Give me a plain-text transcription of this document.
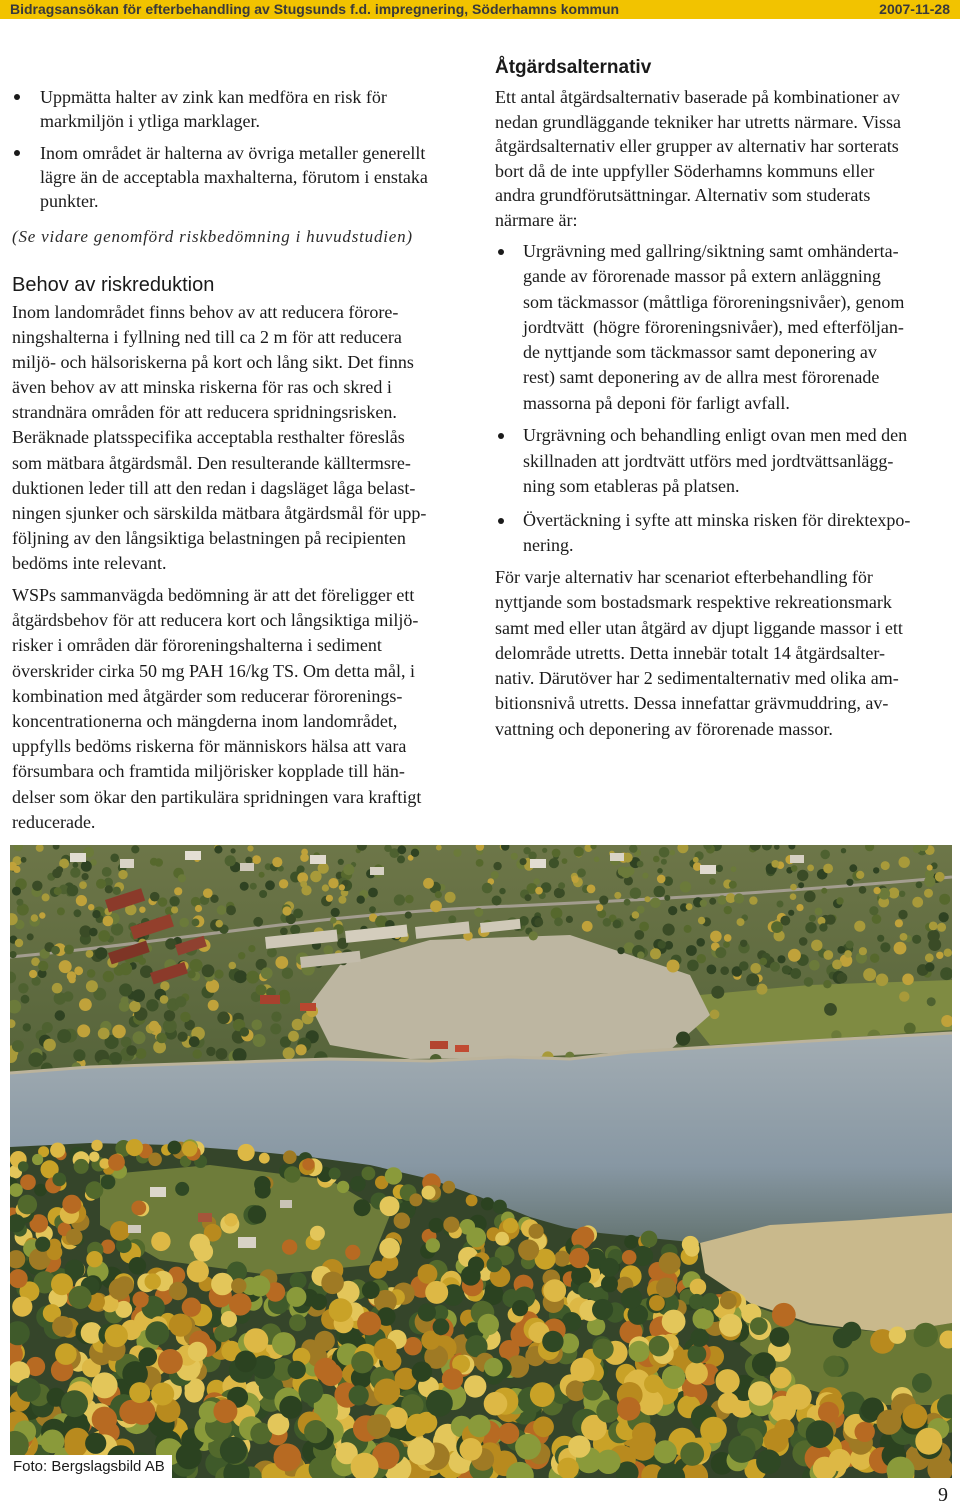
Bidragsansökan för efterbehandling av Stugsunds f.d. impregnering, Söderhamns kommun	2007-11-28
Uppmätta halter av zink kan medföra en risk för
markmiljön i ytliga marklager.
Inom området är halterna av övriga metaller generellt
lägre än de acceptabla maxhalterna, förutom i enstaka
punkter.
(Se vidare genomförd riskbedömning i huvudstudien)
Behov av riskreduktion
Inom landområdet finns behov av att reducera förore-
ningshalterna i fyllning ned till ca 2 m för att reducera
miljö- och hälsoriskerna på kort och lång sikt. Det finns
även behov av att minska riskerna för ras och skred i
strandnära områden för att reducera spridningsrisken.
Beräknade platsspecifika acceptabla resthalter föreslås
som mätbara åtgärdsmål. Den resulterande källtermsre-
duktionen leder till att den redan i dagsläget låga belast-
ningen sjunker och särskilda mätbara åtgärdsmål för upp-
följning av den långsiktiga belastningen på recipienten
bedöms inte relevant.
WSPs sammanvägda bedömning är att det föreligger ett
åtgärdsbehov för att reducera kort och långsiktiga miljö-
risker i områden där föroreningshalterna i sediment
överskrider cirka 50 mg PAH 16/kg TS. Om detta mål, i
kombination med åtgärder som reducerar förorenings-
koncentrationerna och mängderna inom landområdet,
uppfylls bedöms riskerna för människors hälsa att vara
försumbara och framtida miljörisker kopplade till hän-
delser som ökar den partikulära spridningen vara kraftigt
reducerade.
Åtgärdsalternativ
Ett antal åtgärdsalternativ baserade på kombinationer av
nedan grundläggande tekniker har utretts närmare. Vissa
åtgärdsalternativ eller grupper av alternativ har sorterats
bort då de inte uppfyller Söderhamns kommuns eller
andra grundförutsättningar. Alternativ som studerats
närmare är:
Urgrävning med gallring/siktning samt omhänderta-
gande av förorenade massor på extern anläggning
som täckmassor (måttliga föroreningsnivåer), genom
jordtvätt  (högre föroreningsnivåer), med efterföljan-
de nyttjande som täckmassor samt deponering av
rest) samt deponering av de allra mest förorenade
massorna på deponi för farligt avfall.
Urgrävning och behandling enligt ovan men med den
skillnaden att jordtvätt utförs med jordtvättsanlägg-
ning som etableras på platsen.
Övertäckning i syfte att minska risken för direktexpo-
nering.
För varje alternativ har scenariot efterbehandling för
nyttjande som bostadsmark respektive rekreationsmark
samt med eller utan åtgärd av djupt liggande massor i ett
delområde utretts. Detta innebär totalt 14 åtgärdsalter-
nativ. Därutöver har 2 sedimentalternativ med olika am-
bitionsnivå utretts. Dessa innefattar grävmuddring, av-
vattning och deponering av förorenade massor.
Foto: Bergslagsbild AB
9
